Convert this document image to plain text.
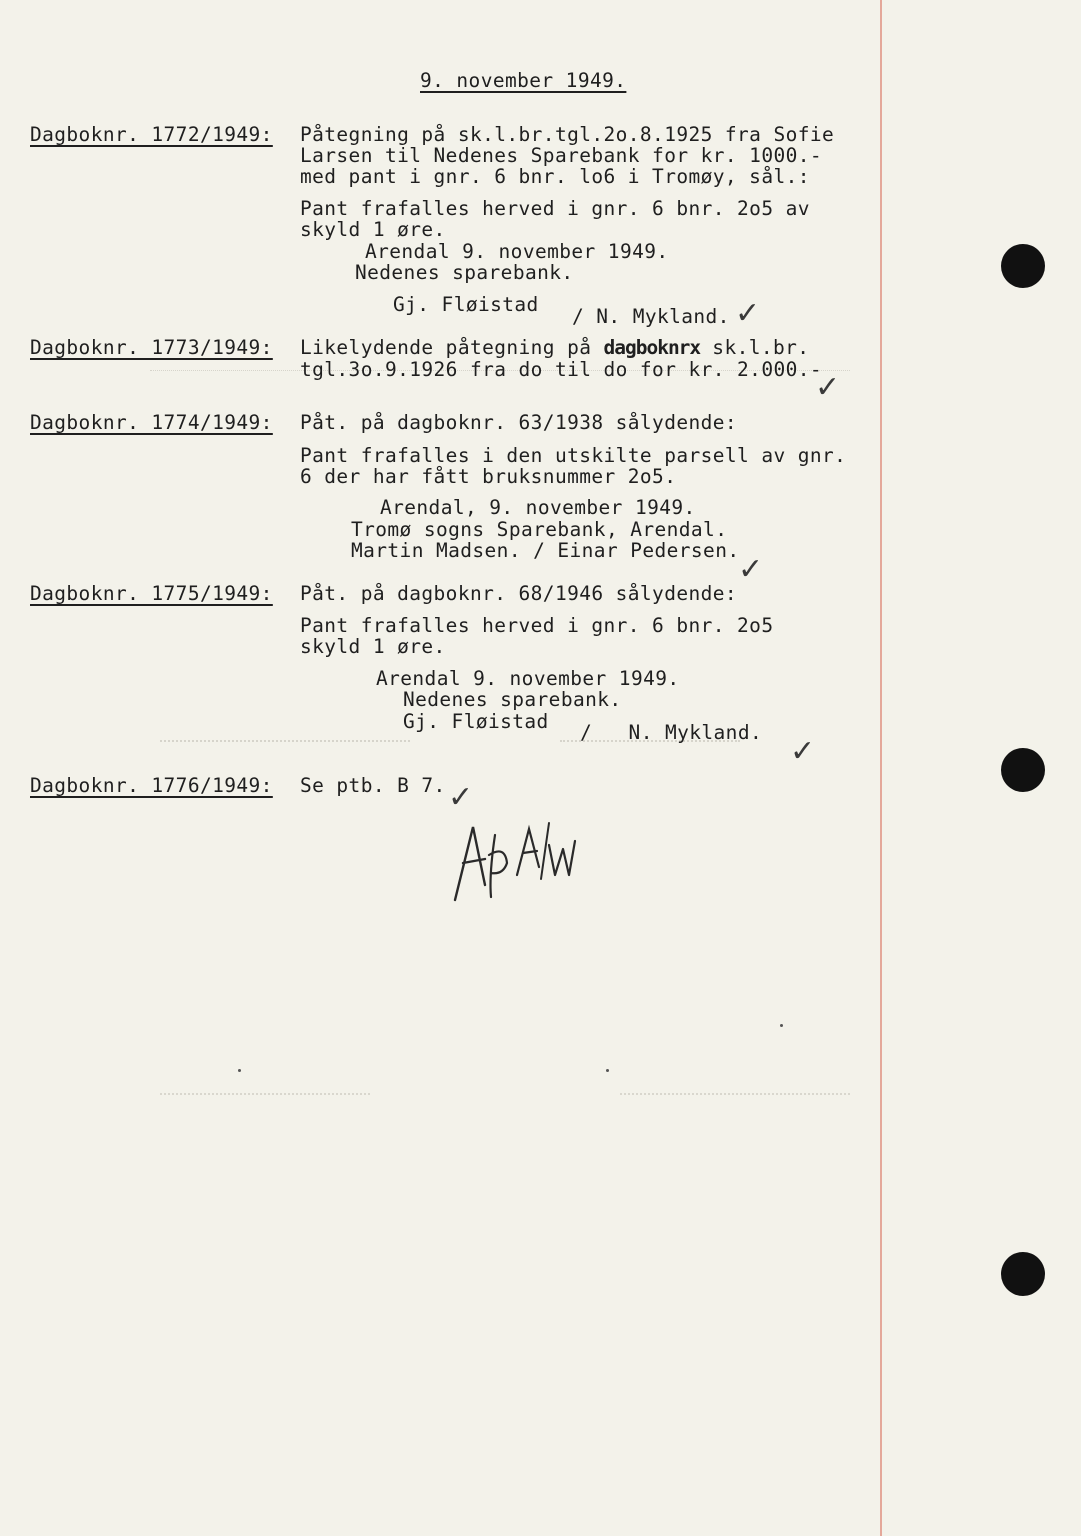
9. november 1949.
Dagboknr. 1772/1949: Påtegning på sk.l.br.tgl.2o.8.1925 fra Sofie
Larsen til Nedenes Sparebank for kr. 1000.-
med pant i gnr. 6 bnr. lo6 i Tromøy, sål.:
Pant frafalles herved i gnr. 6 bnr. 2o5 av
skyld 1 øre.
Arendal 9. november 1949.
Nedenes sparebank.
Gj. Fløistad
/ N. Mykland. ✓
Dagboknr. 1773/1949: Likelydende påtegning på dagboknrx sk.l.br.
tgl.3o.9.1926 fra do til do for kr. 2.000.-
✓
Dagboknr. 1774/1949: Påt. på dagboknr. 63/1938 sålydende:
Pant frafalles i den utskilte parsell av gnr.
6 der har fått bruksnummer 2o5.
Arendal, 9. november 1949.
Tromø sogns Sparebank, Arendal.
Martin Madsen. / Einar Pedersen.
✓
Dagboknr. 1775/1949: Påt. på dagboknr. 68/1946 sålydende:
Pant frafalles herved i gnr. 6 bnr. 2o5
skyld 1 øre.
Arendal 9. november 1949.
Nedenes sparebank.
Gj. Fløistad /   N. Mykland.
✓
Dagboknr. 1776/1949: Se ptb. B 7. ✓
